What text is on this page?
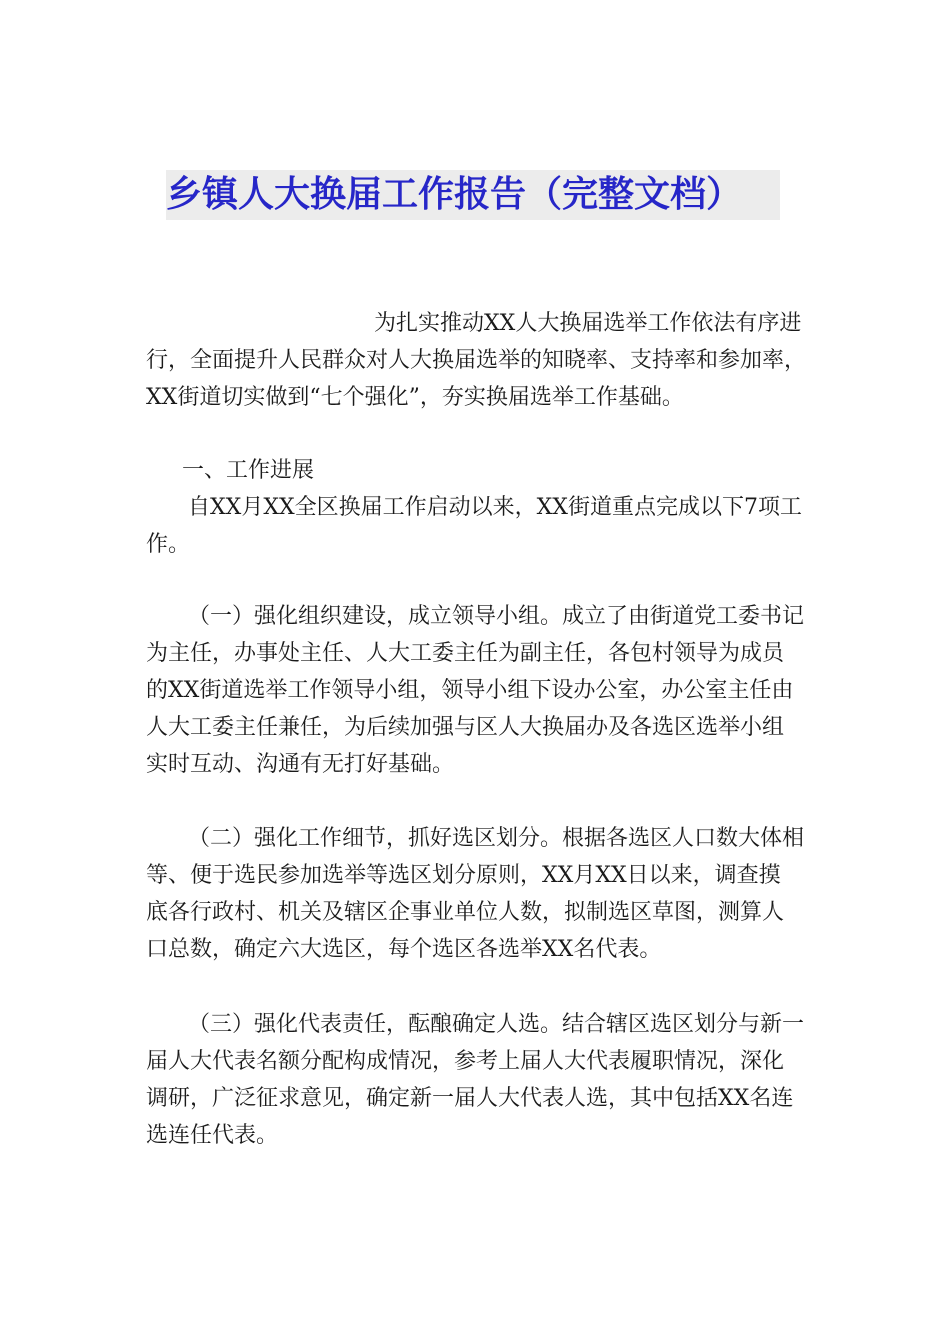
乡镇人大换届工作报告（完整文档）
为扎实推动XX人大换届选举工作依法有序进
行，全面提升人民群众对人大换届选举的知晓率、支持率和参加率，
XX街道切实做到“七个强化”，夯实换届选举工作基础。
一、工作进展
自XX月XX全区换届工作启动以来，XX街道重点完成以下7项工
作。
（一）强化组织建设，成立领导小组。成立了由街道党工委书记
为主任，办事处主任、人大工委主任为副主任，各包村领导为成员
的XX街道选举工作领导小组，领导小组下设办公室，办公室主任由
人大工委主任兼任，为后续加强与区人大换届办及各选区选举小组
实时互动、沟通有无打好基础。
（二）强化工作细节，抓好选区划分。根据各选区人口数大体相
等、便于选民参加选举等选区划分原则，XX月XX日以来，调查摸
底各行政村、机关及辖区企事业单位人数，拟制选区草图，测算人
口总数，确定六大选区，每个选区各选举XX名代表。
（三）强化代表责任，酝酿确定人选。结合辖区选区划分与新一
届人大代表名额分配构成情况，参考上届人大代表履职情况，深化
调研，广泛征求意见，确定新一届人大代表人选，其中包括XX名连
选连任代表。
